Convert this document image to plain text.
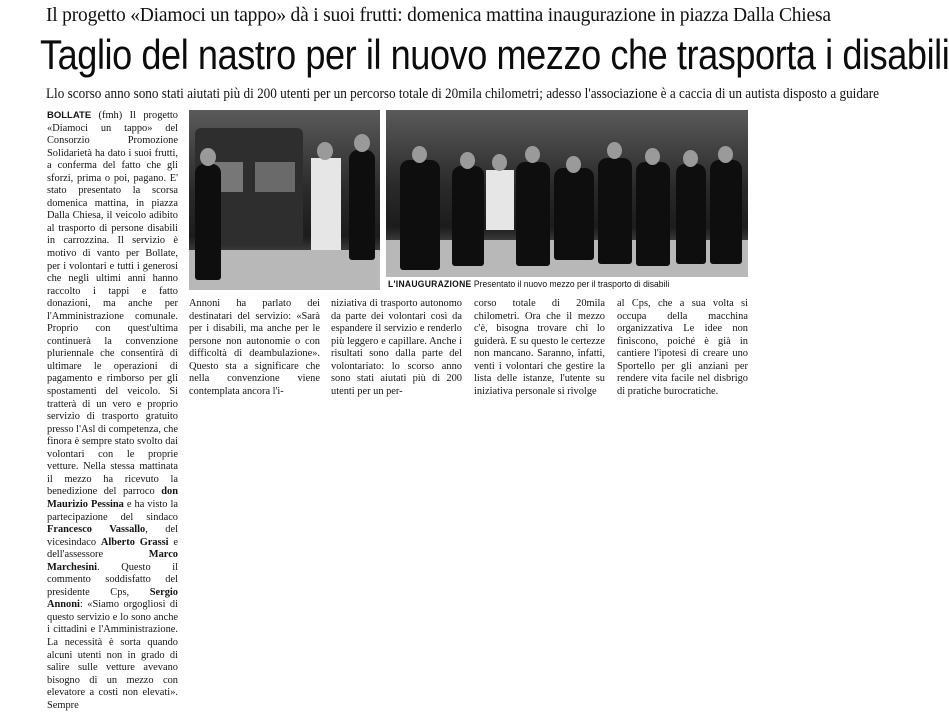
Il progetto «Diamoci un tappo» dà i suoi frutti: domenica mattina inaugurazione in piazza Dalla Chiesa
Taglio del nastro per il nuovo mezzo che trasporta i disabili
Llo scorso anno sono stati aiutati più di 200 utenti per un percorso totale di 20mila chilometri; adesso l'associazione è a caccia di un autista disposto a guidare

BOLLATE (fmh) Il progetto «Diamoci un tappo» del Consorzio Promozione Solidarietà ha dato i suoi frutti, a conferma del fatto che gli sforzi, prima o poi, pagano. E' stato presentato la scorsa domenica mattina, in piazza Dalla Chiesa, il veicolo adibito al trasporto di persone disabili in carrozzina. Il servizio è motivo di vanto per Bollate, per i volontari e tutti i generosi che negli ultimi anni hanno raccolto i tappi e fatto donazioni, ma anche per l'Amministrazione comunale. Proprio con quest'ultima continuerà la convenzione pluriennale che consentirà di ultimare le operazioni di pagamento e rimborso per gli spostamenti del veicolo. Si tratterà di un vero e proprio servizio di trasporto gratuito presso l'Asl di competenza, che finora è sempre stato svolto dai volontari con le proprie vetture. Nella stessa mattinata il mezzo ha ricevuto la benedizione del parroco don Maurizio Pessina e ha visto la partecipazione del sindaco Francesco Vassallo, del vicesindaco Alberto Grassi e dell'assessore	Marco Marchesini. Questo il commento soddisfatto del presidente Cps, Sergio Annoni: «Siamo orgogliosi di questo servizio e lo sono anche i cittadini e l'Amministrazione. La necessità è sorta quando alcuni utenti non in grado di salire sulle vetture avevano bisogno di un mezzo con elevatore a costi non elevati». Sempre

L'INAUGURAZIONE Presentato il nuovo mezzo per il trasporto di disabili

Annoni ha parlato dei destinatari del servizio: «Sarà per i disabili, ma anche per le persone non autonomie o con difficoltà di deambulazione». Questo sta a significare che nella convenzione viene contemplata ancora l'i-

niziativa di trasporto autonomo da parte dei volontari così da espandere il servizio e renderlo più leggero e capillare. Anche i risultati sono dalla parte del volontariato: lo scorso anno sono stati aiutati più di 200 utenti per un per-

corso totale di 20mila chilometri. Ora che il mezzo c'è, bisogna trovare chi lo guiderà. E su questo le certezze non mancano. Saranno, infatti, venti i volontari che gestire la lista delle istanze, l'utente su iniziativa personale si rivolge

al Cps, che a sua volta si occupa della macchina organizzativa Le idee non finiscono, poiché è già in cantiere l'ipotesi di creare uno Sportello per gli anziani per rendere vita facile nel disbrigo di pratiche burocratiche.
